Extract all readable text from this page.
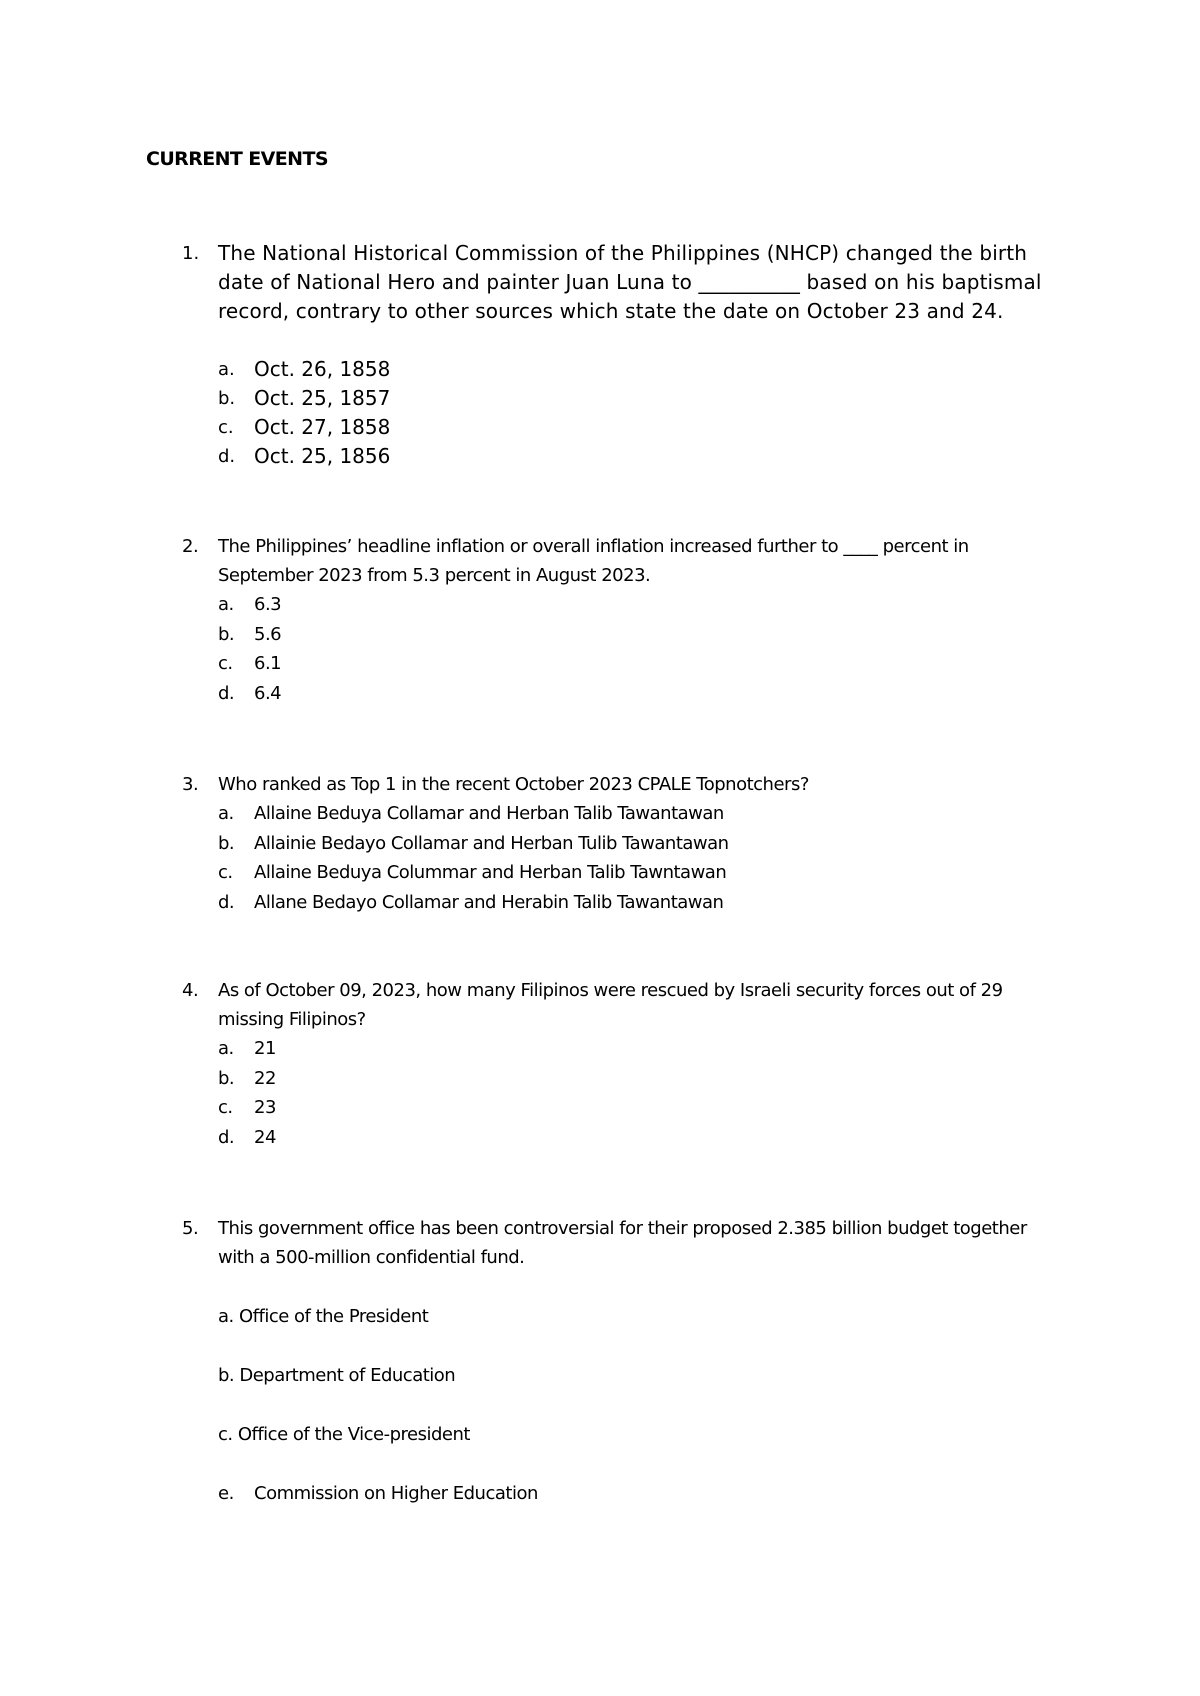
CURRENT EVENTS
1. The National Historical Commission of the Philippines (NHCP) changed the birth date of National Hero and painter Juan Luna to __________ based on his baptismal record, contrary to other sources which state the date on October 23 and 24.
a. Oct. 26, 1858
b. Oct. 25, 1857
c. Oct. 27, 1858
d. Oct. 25, 1856
2. The Philippines’ headline inflation or overall inflation increased further to ____ percent in September 2023 from 5.3 percent in August 2023.
a. 6.3
b. 5.6
c. 6.1
d. 6.4
3. Who ranked as Top 1 in the recent October 2023 CPALE Topnotchers?
a. Allaine Beduya Collamar and Herban Talib Tawantawan
b. Allainie Bedayo Collamar and Herban Tulib Tawantawan
c. Allaine Beduya Colummar and Herban Talib Tawntawan
d. Allane Bedayo Collamar and Herabin Talib Tawantawan
4. As of October 09, 2023, how many Filipinos were rescued by Israeli security forces out of 29 missing Filipinos?
a. 21
b. 22
c. 23
d. 24
5. This government office has been controversial for their proposed 2.385 billion budget together with a 500-million confidential fund.
a. Office of the President
b. Department of Education
c. Office of the Vice-president
e. Commission on Higher Education
